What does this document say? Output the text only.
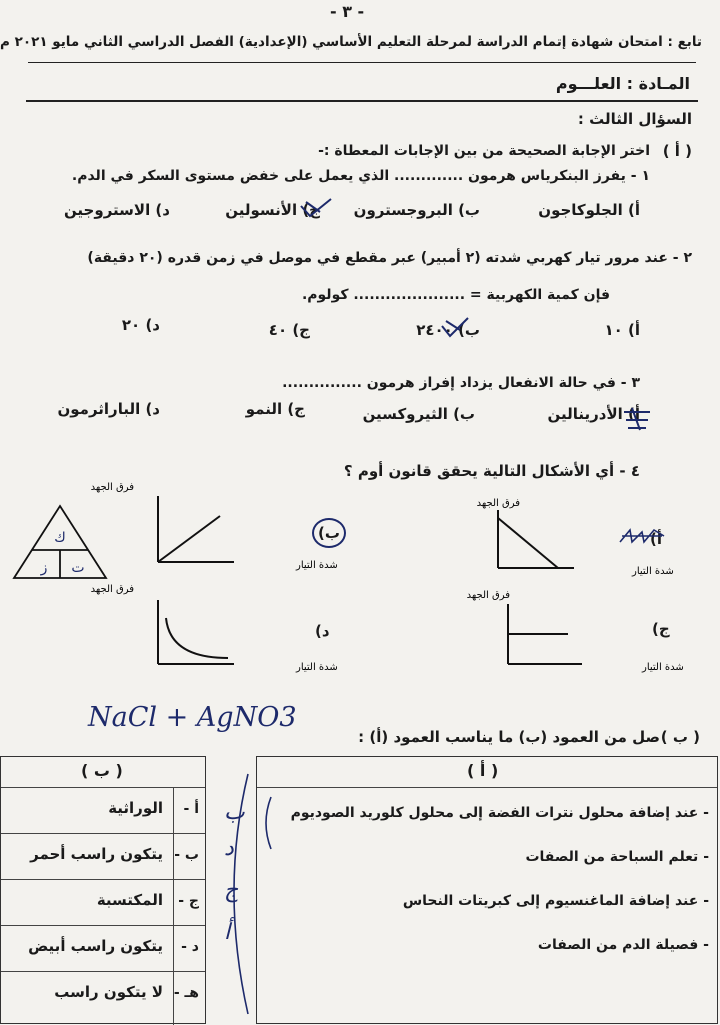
- ٣ -
تابع : امتحان شهادة إتمام الدراسة لمرحلة التعليم الأساسي (الإعدادية) الفصل الدراسي الثاني مايو ٢٠٢١ م
المـادة : العلـــوم
السؤال الثالث :
( أ )
اختر الإجابة الصحيحة من بين الإجابات المعطاة :-
١ - يفرز البنكرياس هرمون ............. الذي يعمل على خفض مستوى السكر في الدم.
أ) الجلوكاجون
ب) البروجسترون
ج) الأنسولين
د) الاستروجين
٢ - عند مرور تيار كهربي شدته (٢ أمبير) عبر مقطع في موصل في زمن قدره (٢٠ دقيقة)
فإن كمية الكهربية = ..................... كولوم.
أ) ١٠
ب) ٢٤٠٠
ج) ٤٠
د) ٢٠
٣ - في حالة الانفعال يزداد إفراز هرمون ...............
أ) الأدرينالين
ب) الثيروكسين
ج) النمو
د) الباراثرمون
٤ - أي الأشكال التالية يحقق قانون أوم ؟
فرق الجهد
شدة التيار
أ)
فرق الجهد
شدة التيار
ب)
فرق الجهد
شدة التيار
ج)
فرق الجهد
شدة التيار
د)
ك
ز ت
NaCl + AgNO3
( ب )
صل من العمود (ب) ما يناسب العمود (أ) :
( أ )
- عند إضافة محلول نترات الفضة إلى محلول كلوريد الصوديوم
- تعلم السباحة من الصفات
- عند إضافة الماغنسيوم إلى كبريتات النحاس
- فصيلة الدم من الصفات
( ب )
أ -
ب -
ج -
د -
هـ -
الوراثية
يتكون راسب أحمر
المكتسبة
يتكون راسب أبيض
لا يتكون راسب
ب
د
ج
أ
